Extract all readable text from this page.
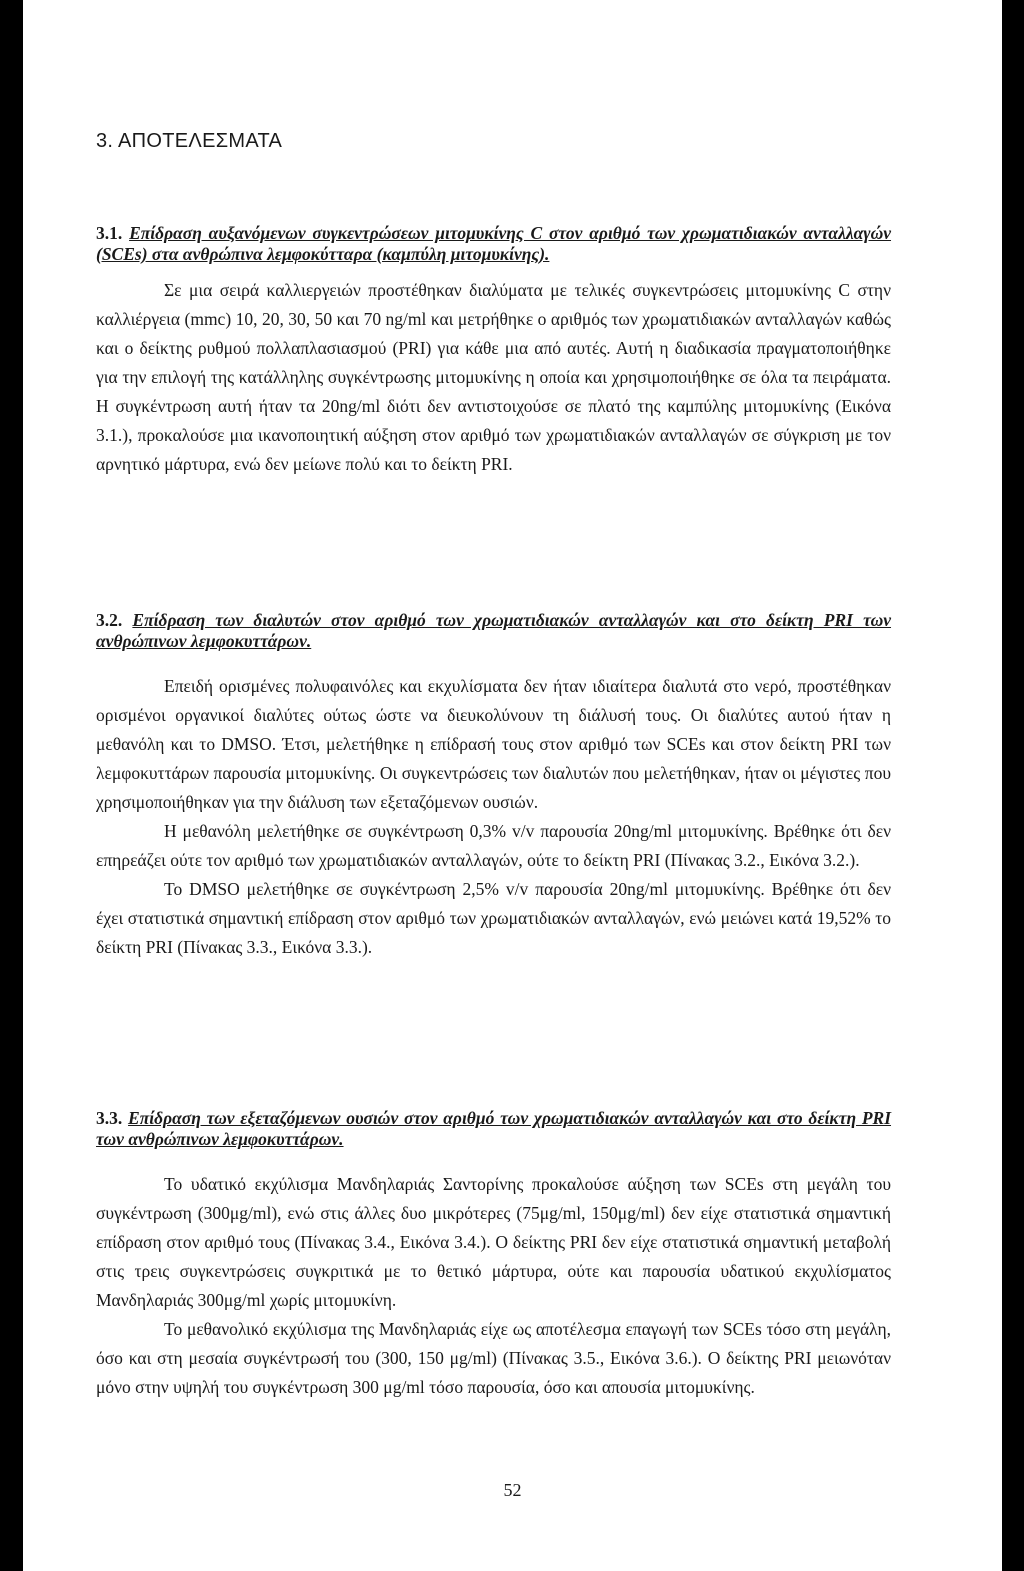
3. ΑΠΟΤΕΛΕΣΜΑΤΑ

3.1. Επίδραση αυξανόμενων συγκεντρώσεων μιτομυκίνης C στον αριθμό των χρωματιδιακών ανταλλαγών (SCEs) στα ανθρώπινα λεμφοκύτταρα (καμπύλη μιτομυκίνης).

Σε μια σειρά καλλιεργειών προστέθηκαν διαλύματα με τελικές συγκεντρώσεις μιτομυκίνης C στην καλλιέργεια (mmc) 10, 20, 30, 50 και 70 ng/ml και μετρήθηκε ο αριθμός των χρωματιδιακών ανταλλαγών καθώς και ο δείκτης ρυθμού πολλαπλασιασμού (PRI) για κάθε μια από αυτές. Αυτή η διαδικασία πραγματοποιήθηκε για την επιλογή της κατάλληλης συγκέντρωσης μιτομυκίνης η οποία και χρησιμοποιήθηκε σε όλα τα πειράματα. Η συγκέντρωση αυτή ήταν τα 20ng/ml διότι δεν αντιστοιχούσε σε πλατό της καμπύλης μιτομυκίνης (Εικόνα 3.1.), προκαλούσε μια ικανοποιητική αύξηση στον αριθμό των χρωματιδιακών ανταλλαγών σε σύγκριση με τον αρνητικό μάρτυρα, ενώ δεν μείωνε πολύ και το δείκτη PRI.

3.2. Επίδραση των διαλυτών στον αριθμό των χρωματιδιακών ανταλλαγών και στο δείκτη PRI των ανθρώπινων λεμφοκυττάρων.

Επειδή ορισμένες πολυφαινόλες και εκχυλίσματα δεν ήταν ιδιαίτερα διαλυτά στο νερό, προστέθηκαν ορισμένοι οργανικοί διαλύτες ούτως ώστε να διευκολύνουν τη διάλυσή τους. Οι διαλύτες αυτού ήταν η μεθανόλη και το DMSO. Έτσι, μελετήθηκε η επίδρασή τους στον αριθμό των SCEs και στον δείκτη PRI των λεμφοκυττάρων παρουσία μιτομυκίνης. Οι συγκεντρώσεις των διαλυτών που μελετήθηκαν, ήταν οι μέγιστες που χρησιμοποιήθηκαν για την διάλυση των εξεταζόμενων ουσιών.

Η μεθανόλη μελετήθηκε σε συγκέντρωση 0,3% v/v παρουσία 20ng/ml μιτομυκίνης. Βρέθηκε ότι δεν επηρεάζει ούτε τον αριθμό των χρωματιδιακών ανταλλαγών, ούτε το δείκτη PRI (Πίνακας 3.2., Εικόνα 3.2.).

Το DMSO μελετήθηκε σε συγκέντρωση 2,5% v/v παρουσία 20ng/ml μιτομυκίνης. Βρέθηκε ότι δεν έχει στατιστικά σημαντική επίδραση στον αριθμό των χρωματιδιακών ανταλλαγών, ενώ μειώνει κατά 19,52% το δείκτη PRI (Πίνακας 3.3., Εικόνα 3.3.).

3.3. Επίδραση των εξεταζόμενων ουσιών στον αριθμό των χρωματιδιακών ανταλλαγών και στο δείκτη PRI των ανθρώπινων λεμφοκυττάρων.

Το υδατικό εκχύλισμα Μανδηλαριάς Σαντορίνης προκαλούσε αύξηση των SCEs στη μεγάλη του συγκέντρωση (300μg/ml), ενώ στις άλλες δυο μικρότερες (75μg/ml, 150μg/ml) δεν είχε στατιστικά σημαντική επίδραση στον αριθμό τους (Πίνακας 3.4., Εικόνα 3.4.). Ο δείκτης PRI δεν είχε στατιστικά σημαντική μεταβολή στις τρεις συγκεντρώσεις συγκριτικά με το θετικό μάρτυρα, ούτε και παρουσία υδατικού εκχυλίσματος Μανδηλαριάς 300μg/ml χωρίς μιτομυκίνη.

Το μεθανολικό εκχύλισμα της Μανδηλαριάς είχε ως αποτέλεσμα επαγωγή των SCEs τόσο στη μεγάλη, όσο και στη μεσαία συγκέντρωσή του (300, 150 μg/ml) (Πίνακας 3.5., Εικόνα 3.6.). Ο δείκτης PRI μειωνόταν μόνο στην υψηλή του συγκέντρωση 300 μg/ml τόσο παρουσία, όσο και απουσία μιτομυκίνης.

52
